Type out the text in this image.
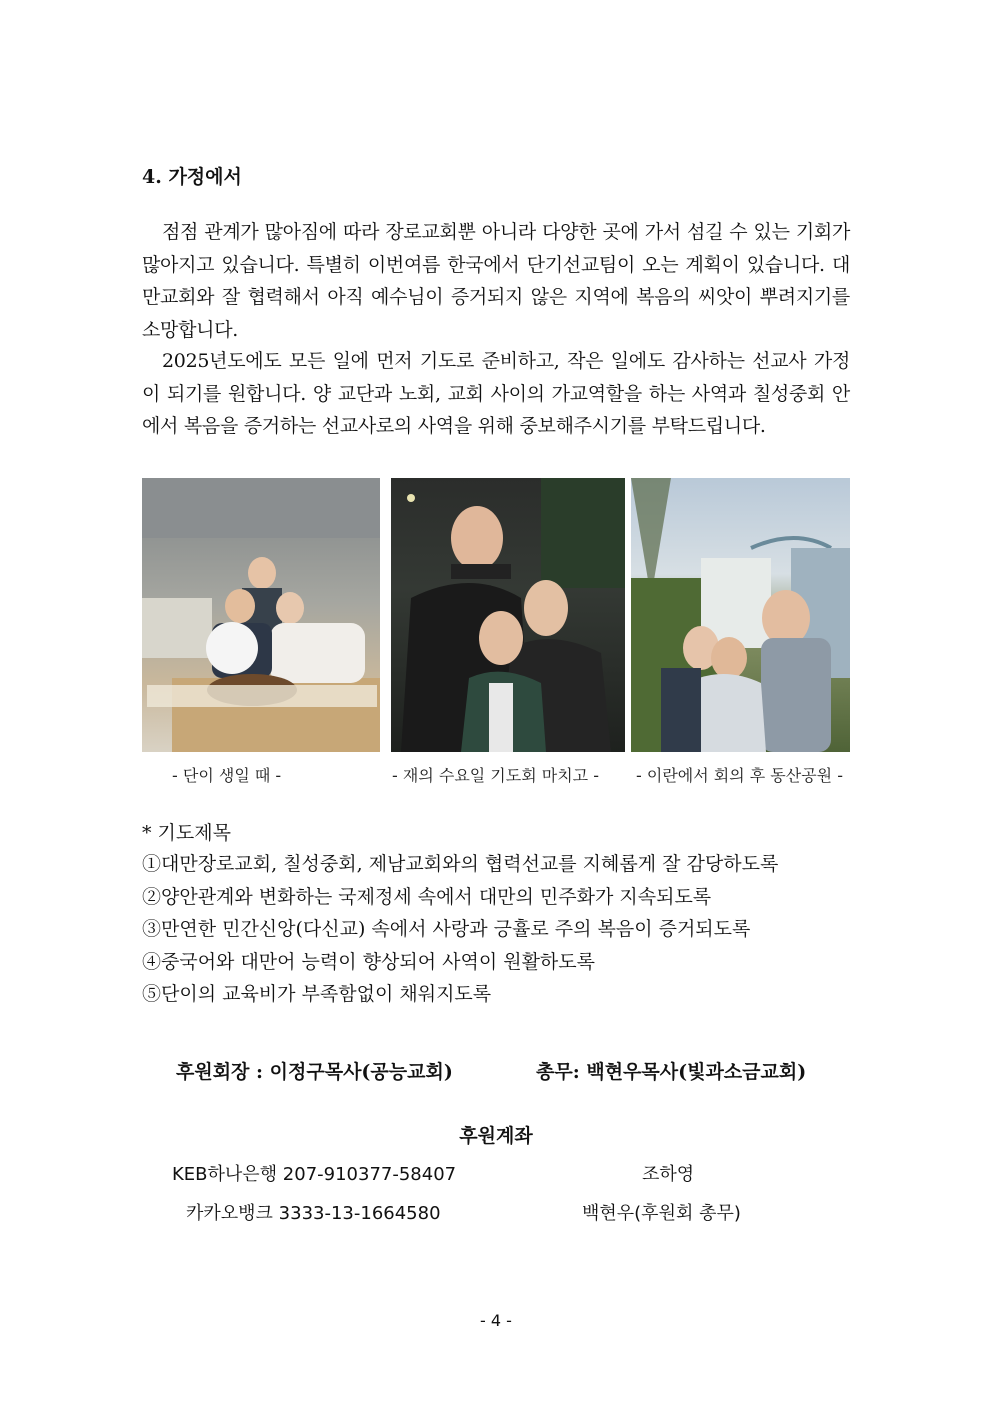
4. 가정에서

점점 관계가 많아짐에 따라 장로교회뿐 아니라 다양한 곳에 가서 섬길 수 있는 기회가 많아지고 있습니다. 특별히 이번여름 한국에서 단기선교팀이 오는 계획이 있습니다. 대만교회와 잘 협력해서 아직 예수님이 증거되지 않은 지역에 복음의 씨앗이 뿌려지기를 소망합니다.

2025년도에도 모든 일에 먼저 기도로 준비하고, 작은 일에도 감사하는 선교사 가정이 되기를 원합니다. 양 교단과 노회, 교회 사이의 가교역할을 하는 사역과 칠성중회 안에서 복음을 증거하는 선교사로의 사역을 위해 중보해주시기를 부탁드립니다.

- 단이 생일 때 -	- 재의 수요일 기도회 마치고 - - 이란에서 회의 후 동산공원 -

* 기도제목

①대만장로교회, 칠성중회, 제남교회와의 협력선교를 지혜롭게 잘 감당하도록
②양안관계와 변화하는 국제정세 속에서 대만의 민주화가 지속되도록
③만연한 민간신앙(다신교) 속에서 사랑과 긍휼로 주의 복음이 증거되도록
④중국어와 대만어 능력이 향상되어 사역이 원활하도록
⑤단이의 교육비가 부족함없이 채워지도록
후원회장 : 이정구목사(공능교회)	총무: 백현우목사(빛과소금교회)
후원계좌
KEB하나은행 207-910377-58407	조하영
카카오뱅크 3333-13-1664580	백현우(후원회 총무)
- 4 -
